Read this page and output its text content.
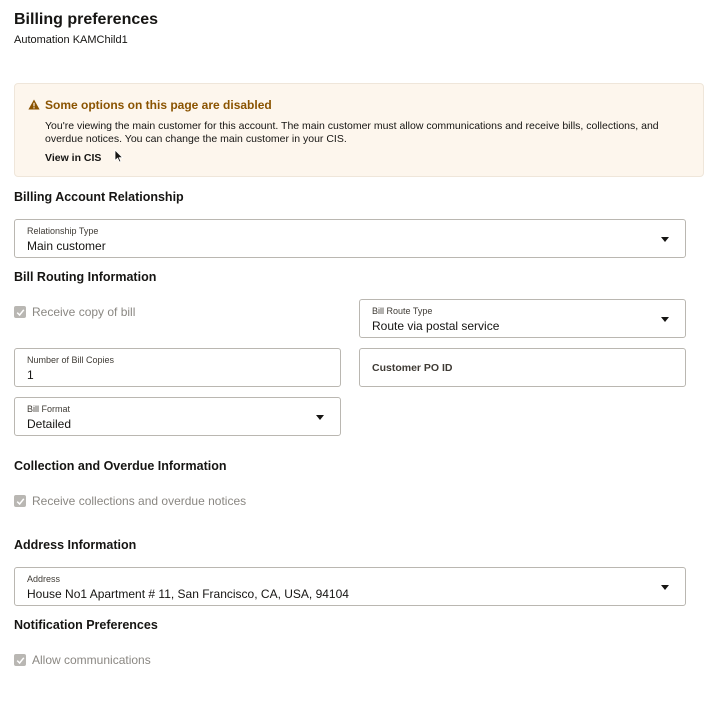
Billing preferences
Automation KAMChild1
Some options on this page are disabled
You're viewing the main customer for this account. The main customer must allow communications and receive bills, collections, and overdue notices. You can change the main customer in your CIS.
View in CIS
Billing Account Relationship
Relationship Type
Main customer
Bill Routing Information
Receive copy of bill	Bill Route Type
Route via postal service
Number of Bill Copies
1	Customer PO ID
Bill Format
Detailed
Collection and Overdue Information
Receive collections and overdue notices
Address Information
Address
House No1 Apartment # 11, San Francisco, CA, USA, 94104
Notification Preferences
Allow communications
